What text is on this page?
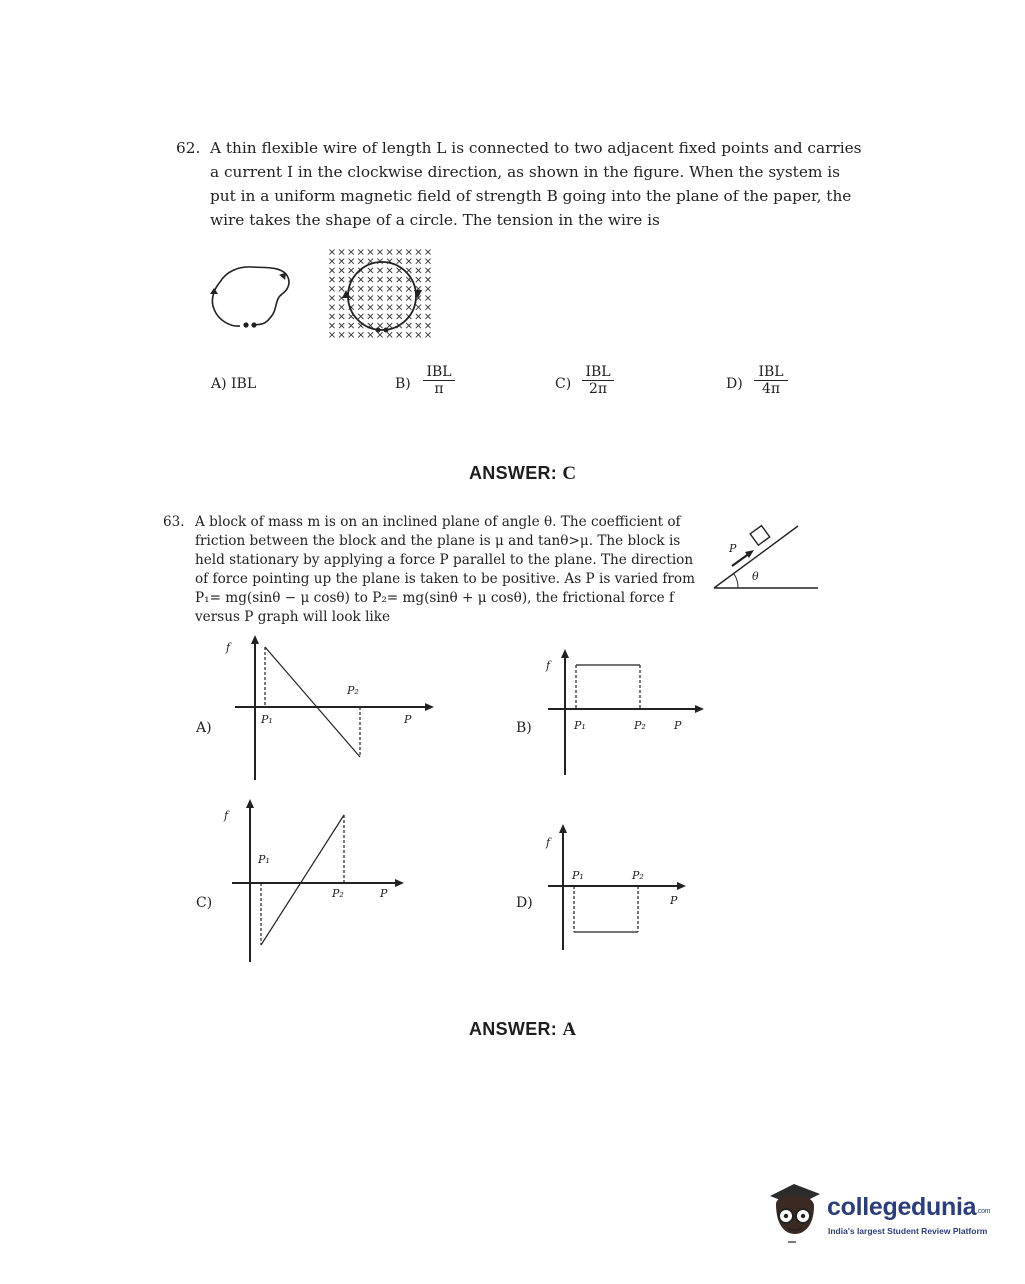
62. A thin flexible wire of length L is connected to two adjacent fixed points and carries a current I in the clockwise direction, as shown in the figure. When the system is put in a uniform magnetic field of strength B going into the plane of the paper, the wire takes the shape of a circle. The tension in the wire is
A) IBL	B)
IBL
π	C)
IBL
2π	D)
IBL
4π
ANSWER: C
63. A block of mass m is on an inclined plane of angle θ. The coefficient of friction between the block and the plane is μ and tanθ>μ. The block is held stationary by applying a force P parallel to the plane. The direction of force pointing up the plane is taken to be positive. As P is varied from P₁= mg(sinθ − μ cosθ) to P₂= mg(sinθ + μ cosθ), the frictional force f versus P graph will look like
P
θ
A)	B)
C)	D)
f
P₂
P₁	P
f
P₁	P₂	P
f
P₁
P₂	P
f
P₁	P₂
P
ANSWER: A
collegedunia.com
India's largest Student Review Platform
